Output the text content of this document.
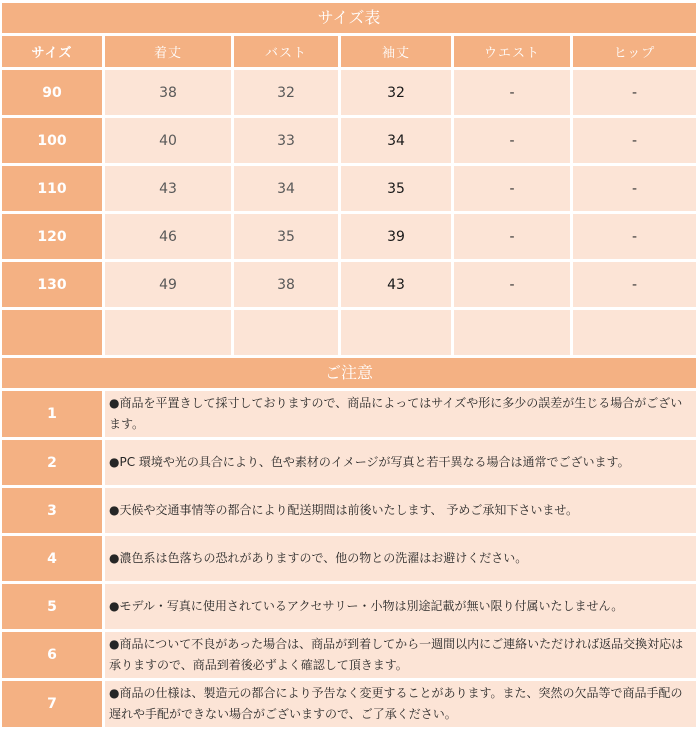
サイズ表
サイズ	着丈	バスト	袖丈	ウエスト	ヒップ
90	38	32	32	-	-
100	40	33	34	-	-
110	43	34	35	-	-
120	46	35	39	-	-
130	49	38	43	-	-

ご注意
1	●商品を平置きして採寸しておりますので、商品によってはサイズや形に多少の誤差が生じる場合がございます。
2	●PC 環境や光の具合により、色や素材のイメージが写真と若干異なる場合は通常でございます。
3	●天候や交通事情等の都合により配送期間は前後いたします、 予めご承知下さいませ。
4	●濃色系は色落ちの恐れがありますので、他の物との洗濯はお避けください。
5	●モデル・写真に使用されているアクセサリー・小物は別途記載が無い限り付属いたしません。
6	●商品について不良があった場合は、商品が到着してから一週間以内にご連絡いただければ返品交換対応は承りますので、商品到着後必ずよく確認して頂きます。
7	●商品の仕様は、製造元の都合により予告なく変更することがあります。また、突然の欠品等で商品手配の遅れや手配ができない場合がございますので、ご了承ください。
